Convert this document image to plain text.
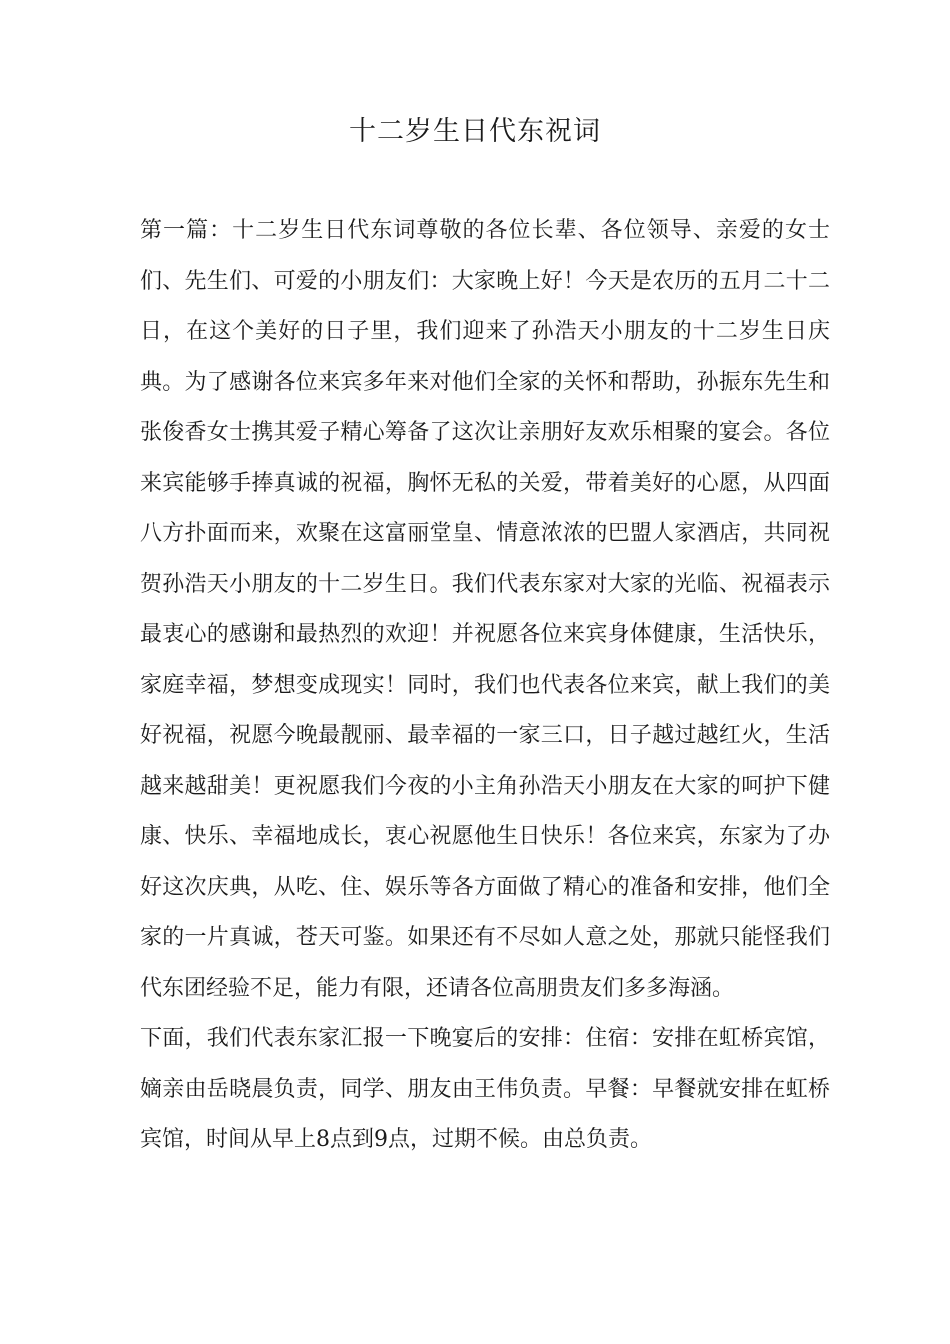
十二岁生日代东祝词

第一篇：十二岁生日代东词尊敬的各位长辈、各位领导、亲爱的女士们、先生们、可爱的小朋友们：大家晚上好！今天是农历的五月二十二日，在这个美好的日子里，我们迎来了孙浩天小朋友的十二岁生日庆典。为了感谢各位来宾多年来对他们全家的关怀和帮助，孙振东先生和张俊香女士携其爱子精心筹备了这次让亲朋好友欢乐相聚的宴会。各位来宾能够手捧真诚的祝福，胸怀无私的关爱，带着美好的心愿，从四面八方扑面而来，欢聚在这富丽堂皇、情意浓浓的巴盟人家酒店，共同祝贺孙浩天小朋友的十二岁生日。我们代表东家对大家的光临、祝福表示最衷心的感谢和最热烈的欢迎！并祝愿各位来宾身体健康，生活快乐，家庭幸福，梦想变成现实！同时，我们也代表各位来宾，献上我们的美好祝福，祝愿今晚最靓丽、最幸福的一家三口，日子越过越红火，生活越来越甜美！更祝愿我们今夜的小主角孙浩天小朋友在大家的呵护下健康、快乐、幸福地成长，衷心祝愿他生日快乐！各位来宾，东家为了办好这次庆典，从吃、住、娱乐等各方面做了精心的准备和安排，他们全家的一片真诚，苍天可鉴。如果还有不尽如人意之处，那就只能怪我们代东团经验不足，能力有限，还请各位高朋贵友们多多海涵。

下面，我们代表东家汇报一下晚宴后的安排：住宿：安排在虹桥宾馆，嫡亲由岳晓晨负责，同学、朋友由王伟负责。早餐：早餐就安排在虹桥宾馆，时间从早上8点到9点，过期不候。由总负责。
